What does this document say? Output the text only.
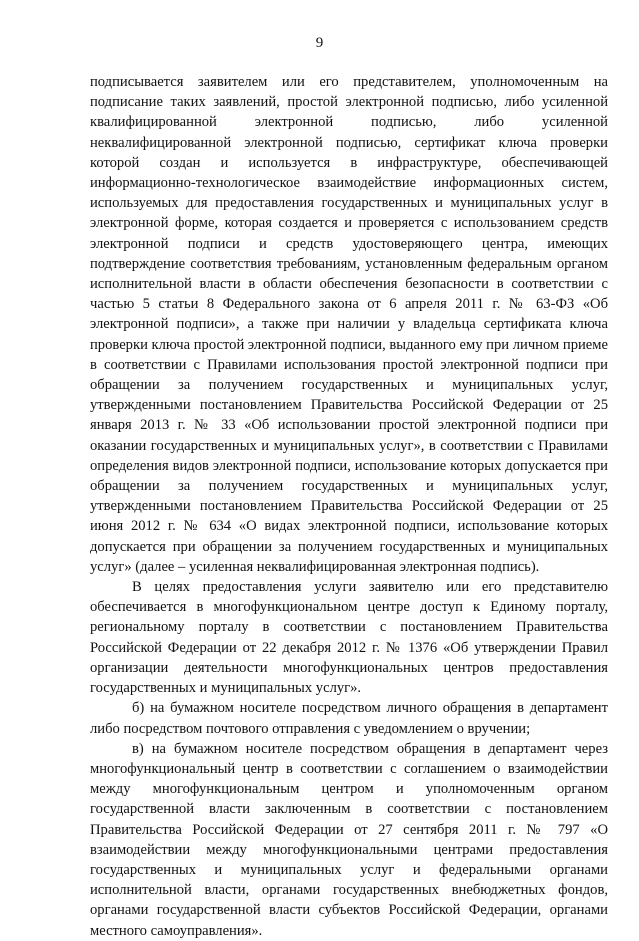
9

подписывается заявителем или его представителем, уполномоченным на подписание таких заявлений, простой электронной подписью, либо усиленной квалифицированной электронной подписью, либо усиленной неквалифицированной электронной подписью, сертификат ключа проверки которой создан и используется в инфраструктуре, обеспечивающей информационно-технологическое взаимодействие информационных систем, используемых для предоставления государственных и муниципальных услуг в электронной форме, которая создается и проверяется с использованием средств электронной подписи и средств удостоверяющего центра, имеющих подтверждение соответствия требованиям, установленным федеральным органом исполнительной власти в области обеспечения безопасности в соответствии с частью 5 статьи 8 Федерального закона от 6 апреля 2011 г. № 63-ФЗ «Об электронной подписи», а также при наличии у владельца сертификата ключа проверки ключа простой электронной подписи, выданного ему при личном приеме в соответствии с Правилами использования простой электронной подписи при обращении за получением государственных и муниципальных услуг, утвержденными постановлением Правительства Российской Федерации от 25 января 2013 г. № 33 «Об использовании простой электронной подписи при оказании государственных и муниципальных услуг», в соответствии с Правилами определения видов электронной подписи, использование которых допускается при обращении за получением государственных и муниципальных услуг, утвержденными постановлением Правительства Российской Федерации от 25 июня 2012 г. № 634 «О видах электронной подписи, использование которых допускается при обращении за получением государственных и муниципальных услуг» (далее – усиленная неквалифицированная электронная подпись).

В целях предоставления услуги заявителю или его представителю обеспечивается в многофункциональном центре доступ к Единому порталу, региональному порталу в соответствии с постановлением Правительства Российской Федерации от 22 декабря 2012 г. № 1376 «Об утверждении Правил организации деятельности многофункциональных центров предоставления государственных и муниципальных услуг».

б) на бумажном носителе посредством личного обращения в департамент либо посредством почтового отправления с уведомлением о вручении;

в) на бумажном носителе посредством обращения в департамент через многофункциональный центр в соответствии с соглашением о взаимодействии между многофункциональным центром и уполномоченным органом государственной власти заключенным в соответствии с постановлением Правительства Российской Федерации от 27 сентября 2011 г. № 797 «О взаимодействии между многофункциональными центрами предоставления государственных и муниципальных услуг и федеральными органами исполнительной власти, органами государственных внебюджетных фондов, органами государственной власти субъектов Российской Федерации, органами местного самоуправления».
